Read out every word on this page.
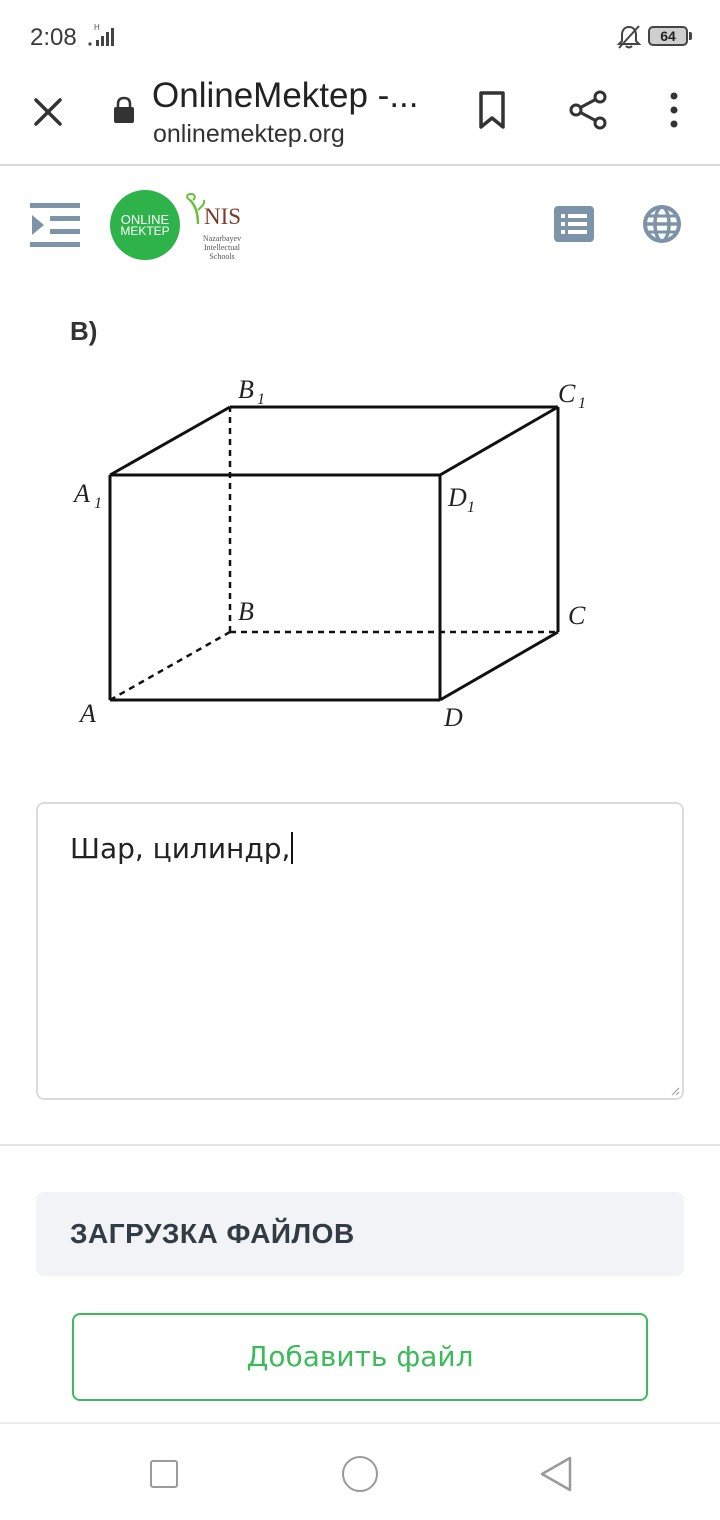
2:08 H
64
OnlineMektep -...
onlinemektep.org
ONLINE
MEKTEP
NIS
Nazarbayev Intellectual Schools
B)
A	D
B	C
A 1	D 1
B 1	C 1
Шар, цилиндр,
ЗАГРУЗКА ФАЙЛОВ
Добавить файл
